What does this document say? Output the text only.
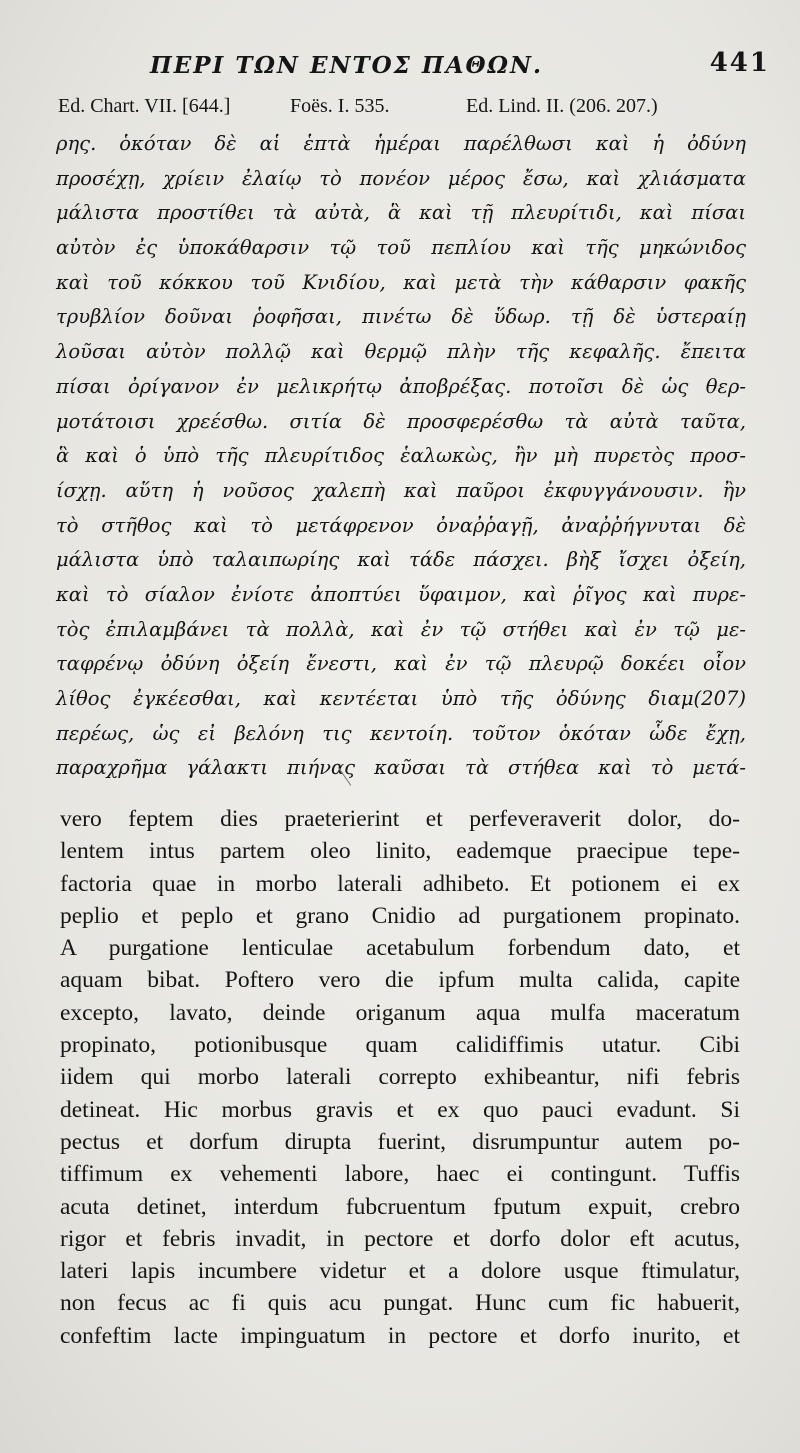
ΠΕΡΙ ΤΩΝ ΕΝΤΟΣ ΠΑΘΩΝ.	441
Ed. Chart. VII. [644.]	Foës. I. 535.	Ed. Lind. II. (206. 207.)
ρης. ὁκόταν δὲ αἱ ἑπτὰ ἡμέραι παρέλθωσι καὶ ἡ ὀδύνη
προσέχῃ, χρίειν ἐλαίῳ τὸ πονέον μέρος ἔσω, καὶ χλιάσματα
μάλιστα προστίθει τὰ αὐτὰ, ἃ καὶ τῇ πλευρίτιδι, καὶ πίσαι
αὐτὸν ἐς ὑποκάθαρσιν τῷ τοῦ πεπλίου καὶ τῆς μηκώνιδος
καὶ τοῦ κόκκου τοῦ Κνιδίου, καὶ μετὰ τὴν κάθαρσιν φακῆς
τρυβλίον δοῦναι ῥοφῆσαι, πινέτω δὲ ὕδωρ. τῇ δὲ ὑστεραίῃ
λοῦσαι αὐτὸν πολλῷ καὶ θερμῷ πλὴν τῆς κεφαλῆς. ἔπειτα
πίσαι ὀρίγανον ἐν μελικρήτῳ ἀποβρέξας. ποτοῖσι δὲ ὡς θερ-
μοτάτοισι χρεέσθω. σιτία δὲ προσφερέσθω τὰ αὐτὰ ταῦτα,
ἃ καὶ ὁ ὑπὸ τῆς πλευρίτιδος ἑαλωκὼς, ἢν μὴ πυρετὸς προσ-
ίσχῃ. αὕτη ἡ νοῦσος χαλεπὴ καὶ παῦροι ἐκφυγγάνουσιν. ἢν
τὸ στῆθος καὶ τὸ μετάφρενον ὀναῤῥαγῇ, ἀναῤῥήγνυται δὲ
μάλιστα ὑπὸ ταλαιπωρίης καὶ τάδε πάσχει. βὴξ ἴσχει ὀξείη,
καὶ τὸ σίαλον ἐνίοτε ἀποπτύει ὕφαιμον, καὶ ῥῖγος καὶ πυρε-
τὸς ἐπιλαμβάνει τὰ πολλὰ, καὶ ἐν τῷ στήθει καὶ ἐν τῷ με-
ταφρένῳ ὀδύνη ὀξείη ἔνεστι, καὶ ἐν τῷ πλευρῷ δοκέει οἷον
λίθος ἐγκέεσθαι, καὶ κεντέεται ὑπὸ τῆς ὀδύνης διαμ(207)
περέως, ὡς εἰ βελόνη τις κεντοίη. τοῦτον ὁκόταν ὧδε ἔχῃ,
παραχρῆμα γάλακτι πιήνας καῦσαι τὰ στήθεα καὶ τὸ μετά-
vero feptem dies praeterierint et perfeveraverit dolor, do-
lentem intus partem oleo linito, eademque praecipue tepe-
factoria quae in morbo laterali adhibeto. Et potionem ei ex
peplio et peplo et grano Cnidio ad purgationem propinato.
A purgatione lenticulae acetabulum forbendum dato, et
aquam bibat. Poftero vero die ipfum multa calida, capite
excepto, lavato, deinde origanum aqua mulfa maceratum
propinato, potionibusque quam calidiffimis utatur. Cibi
iidem qui morbo laterali correpto exhibeantur, nifi febris
detineat. Hic morbus gravis et ex quo pauci evadunt. Si
pectus et dorfum dirupta fuerint, disrumpuntur autem po-
tiffimum ex vehementi labore, haec ei contingunt. Tuffis
acuta detinet, interdum fubcruentum fputum expuit, crebro
rigor et febris invadit, in pectore et dorfo dolor eft acutus,
lateri lapis incumbere videtur et a dolore usque ftimulatur,
non fecus ac fi quis acu pungat. Hunc cum fic habuerit,
confeftim lacte impinguatum in pectore et dorfo inurito, et
